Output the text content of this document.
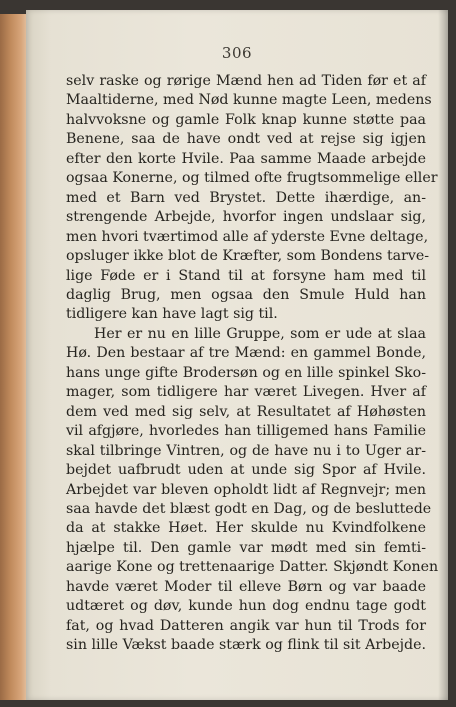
306
selv raske og rørige Mænd hen ad Tiden før et af
Maaltiderne, med Nød kunne magte Leen, medens
halvvoksne og gamle Folk knap kunne støtte paa
Benene, saa de have ondt ved at rejse sig igjen
efter den korte Hvile. Paa samme Maade arbejde
ogsaa Konerne, og tilmed ofte frugtsommelige eller
med et Barn ved Brystet. Dette ihærdige, an-
strengende Arbejde, hvorfor ingen undslaar sig,
men hvori tværtimod alle af yderste Evne deltage,
opsluger ikke blot de Kræfter, som Bondens tarve-
lige Føde er i Stand til at forsyne ham med til
daglig Brug, men ogsaa den Smule Huld han
tidligere kan have lagt sig til.
Her er nu en lille Gruppe, som er ude at slaa
Hø. Den bestaar af tre Mænd: en gammel Bonde,
hans unge gifte Brodersøn og en lille spinkel Sko-
mager, som tidligere har været Livegen. Hver af
dem ved med sig selv, at Resultatet af Høhøsten
vil afgjøre, hvorledes han tilligemed hans Familie
skal tilbringe Vintren, og de have nu i to Uger ar-
bejdet uafbrudt uden at unde sig Spor af Hvile.
Arbejdet var bleven opholdt lidt af Regnvejr; men
saa havde det blæst godt en Dag, og de besluttede
da at stakke Høet. Her skulde nu Kvindfolkene
hjælpe til. Den gamle var mødt med sin femti-
aarige Kone og trettenaarige Datter. Skjøndt Konen
havde været Moder til elleve Børn og var baade
udtæret og døv, kunde hun dog endnu tage godt
fat, og hvad Datteren angik var hun til Trods for
sin lille Vækst baade stærk og flink til sit Arbejde.
